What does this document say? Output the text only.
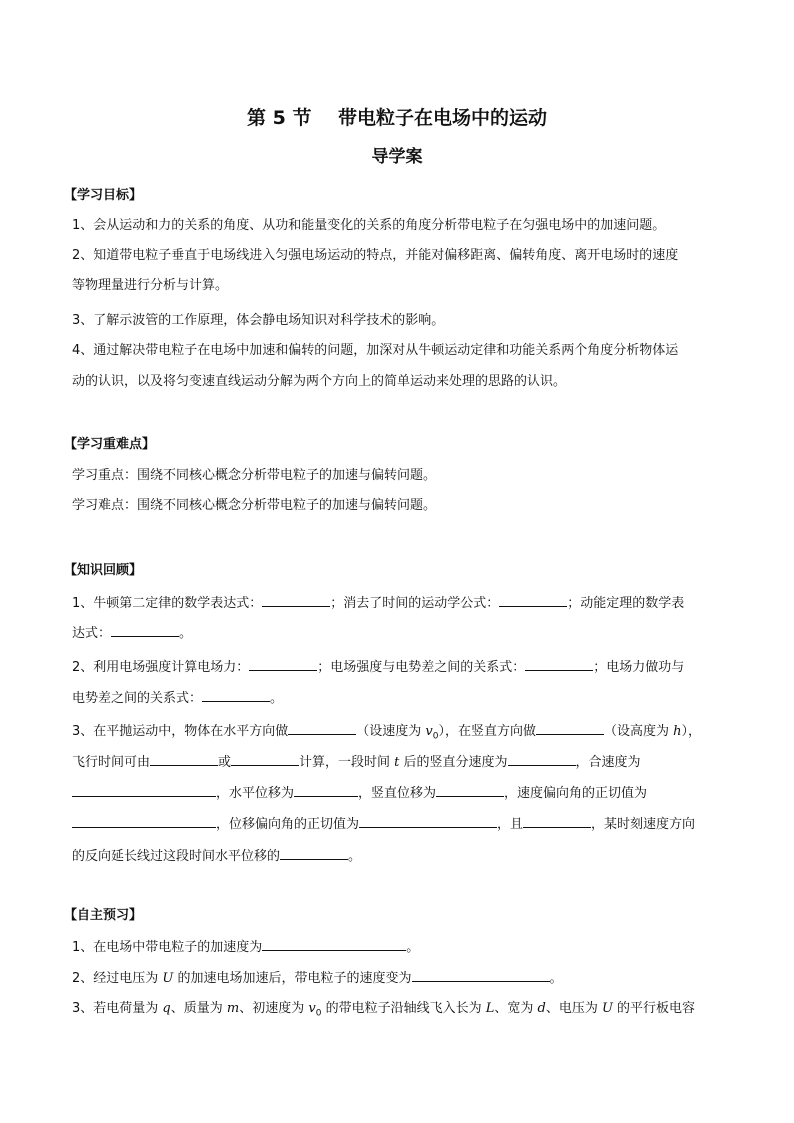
第 5 节    带电粒子在电场中的运动
导学案
【学习目标】
1、会从运动和力的关系的角度、从功和能量变化的关系的角度分析带电粒子在匀强电场中的加速问题。
2、知道带电粒子垂直于电场线进入匀强电场运动的特点，并能对偏移距离、偏转角度、离开电场时的速度
等物理量进行分析与计算。
3、了解示波管的工作原理，体会静电场知识对科学技术的影响。
4、通过解决带电粒子在电场中加速和偏转的问题，加深对从牛顿运动定律和功能关系两个角度分析物体运
动的认识，以及将匀变速直线运动分解为两个方向上的简单运动来处理的思路的认识。
【学习重难点】
学习重点：围绕不同核心概念分析带电粒子的加速与偏转问题。
学习难点：围绕不同核心概念分析带电粒子的加速与偏转问题。
【知识回顾】
1、牛顿第二定律的数学表达式：	；消去了时间的运动学公式：	；动能定理的数学表
达式：	。
2、利用电场强度计算电场力：	；电场强度与电势差之间的关系式：	；电场力做功与
电势差之间的关系式：	。
3、在平抛运动中，物体在水平方向做	（设速度为 $v_0$），在竖直方向做	（设高度为 h），
飞行时间可由	或	计算，一段时间 t 后的竖直分速度为	，合速度为
，水平位移为	，竖直位移为	，速度偏向角的正切值为
，位移偏向角的正切值为	，且	，某时刻速度方向
的反向延长线过这段时间水平位移的	。
【自主预习】
1、在电场中带电粒子的加速度为	。
2、经过电压为 U 的加速电场加速后，带电粒子的速度变为	。
3、若电荷量为 q、质量为 m、初速度为 $v_0$ 的带电粒子沿轴线飞入长为 L、宽为 d、电压为 U 的平行板电容
